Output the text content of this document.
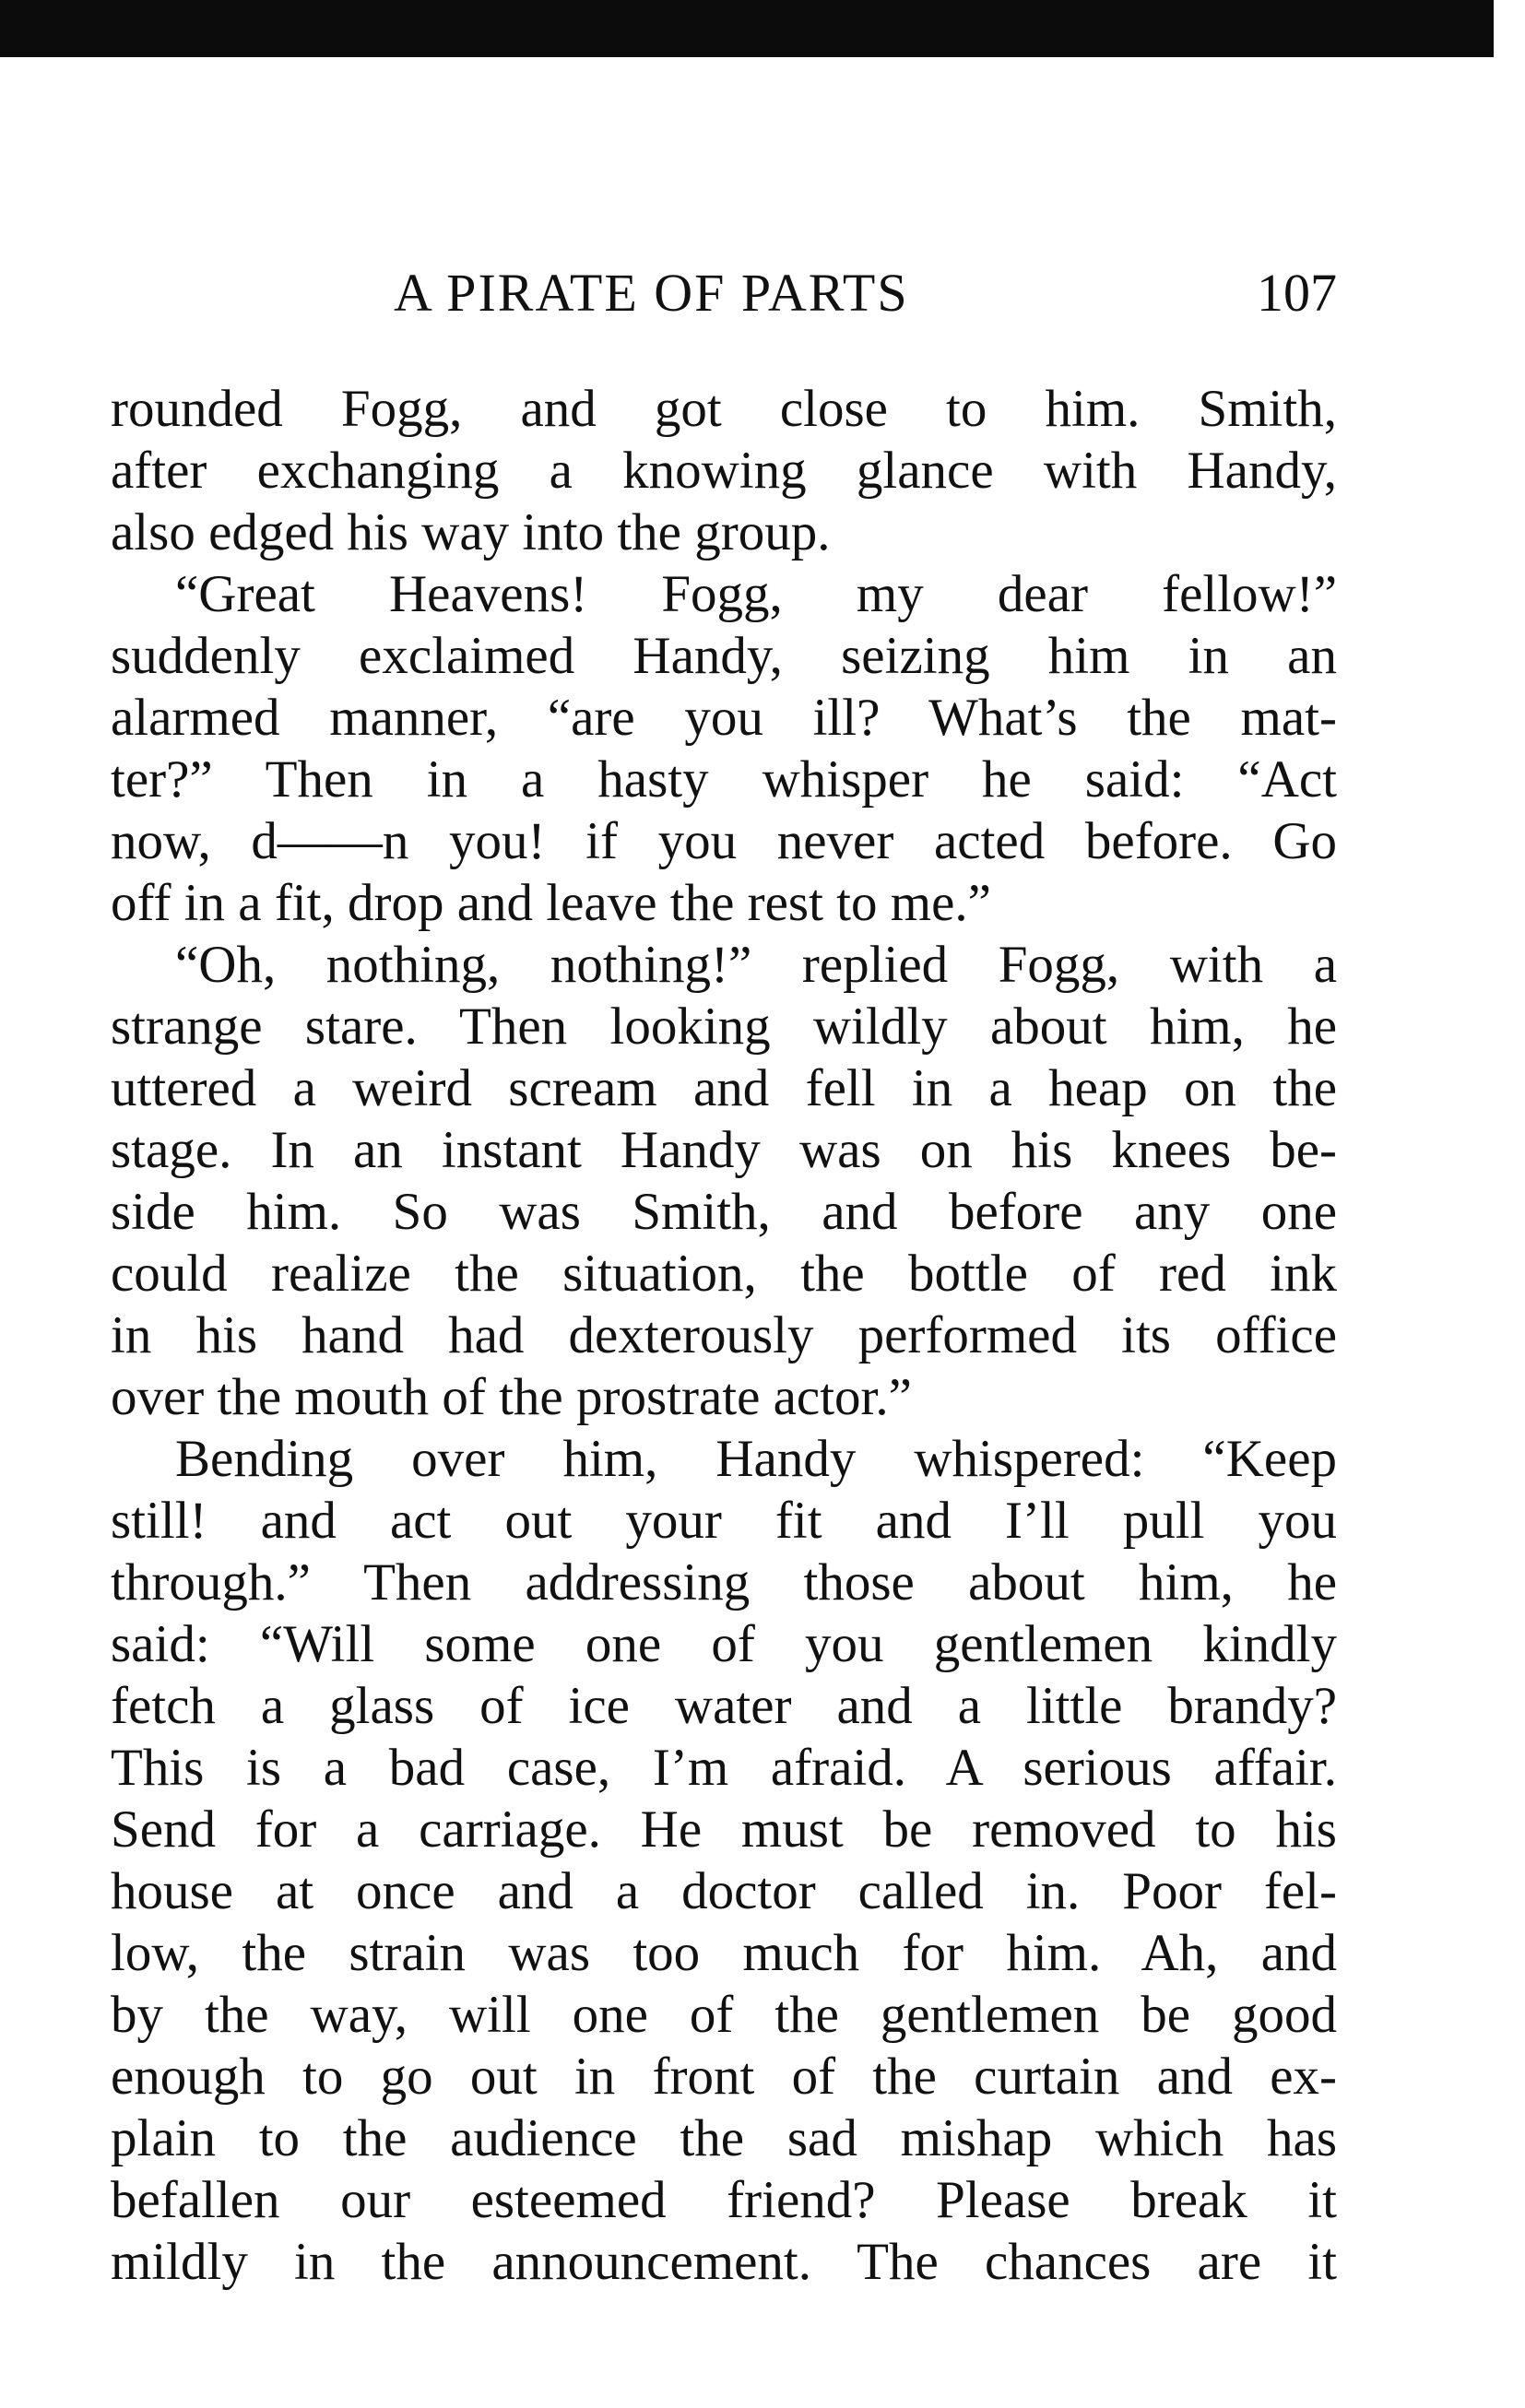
A PIRATE OF PARTS	107
rounded Fogg, and got close to him. Smith,
after exchanging a knowing glance with Handy,
also edged his way into the group.
“Great Heavens! Fogg, my dear fellow!”
suddenly exclaimed Handy, seizing him in an
alarmed manner, “are you ill? What’s the mat-
ter?” Then in a hasty whisper he said: “Act
now, d——n you! if you never acted before. Go
off in a fit, drop and leave the rest to me.”
“Oh, nothing, nothing!” replied Fogg, with a
strange stare. Then looking wildly about him, he
uttered a weird scream and fell in a heap on the
stage. In an instant Handy was on his knees be-
side him. So was Smith, and before any one
could realize the situation, the bottle of red ink
in his hand had dexterously performed its office
over the mouth of the prostrate actor.”
Bending over him, Handy whispered: “Keep
still! and act out your fit and I’ll pull you
through.” Then addressing those about him, he
said: “Will some one of you gentlemen kindly
fetch a glass of ice water and a little brandy?
This is a bad case, I’m afraid. A serious affair.
Send for a carriage. He must be removed to his
house at once and a doctor called in. Poor fel-
low, the strain was too much for him. Ah, and
by the way, will one of the gentlemen be good
enough to go out in front of the curtain and ex-
plain to the audience the sad mishap which has
befallen our esteemed friend? Please break it
mildly in the announcement. The chances are it
